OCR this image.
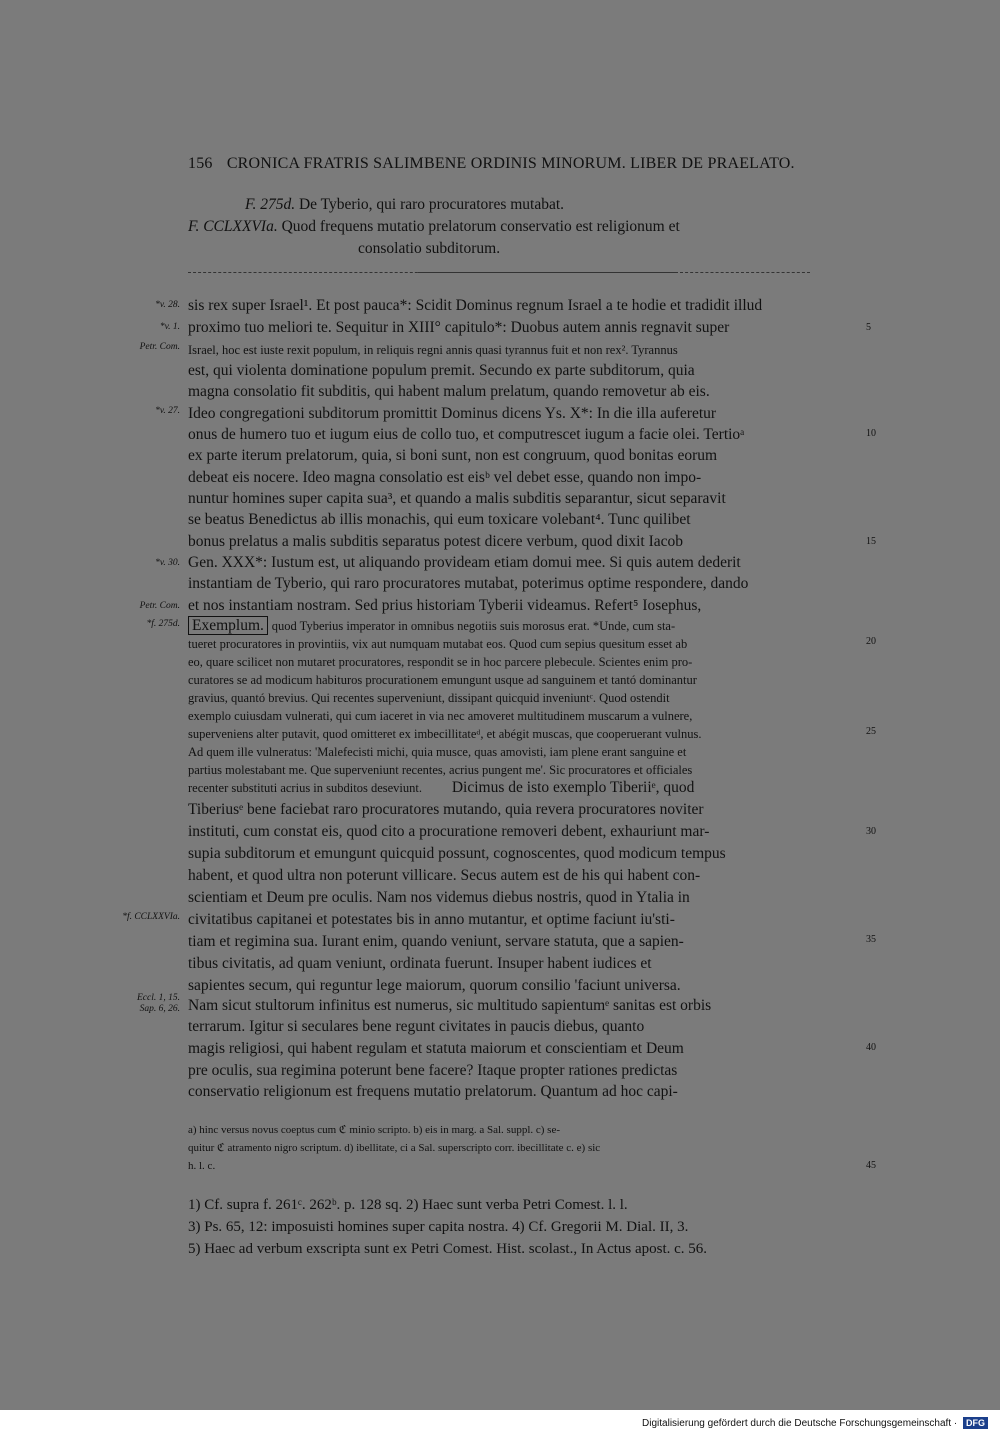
156 CRONICA FRATRIS SALIMBENE ORDINIS MINORUM. LIBER DE PRAELATO.
F. 275d. De Tyberio, qui raro procuratores mutabat.
F. CCLXXVIa. Quod frequens mutatio prelatorum conservatio est religionum et
consolatio subditorum.
*v. 28.
*v. 1.
Petr. Com.
*v. 27.
*v. 30.
Petr. Com.
*f. 275d.
*f. CCLXXVIa.
Eccl. 1, 15.
Sap. 6, 26.
5
10
15
20
25
30
35
40
45
sis rex super Israel¹. Et post pauca*: Scidit Dominus regnum Israel a te hodie et tradidit illud
proximo tuo meliori te. Sequitur in XIII° capitulo*: Duobus autem annis regnavit super
Israel, hoc est iuste rexit populum, in reliquis regni annis quasi tyrannus fuit et non rex². Tyrannus
est, qui violenta dominatione populum premit. Secundo ex parte subditorum, quia
magna consolatio fit subditis, qui habent malum prelatum, quando removetur ab eis.
Ideo congregationi subditorum promittit Dominus dicens Ys. X*: In die illa auferetur
onus de humero tuo et iugum eius de collo tuo, et computrescet iugum a facie olei. Tertioᵃ
ex parte iterum prelatorum, quia, si boni sunt, non est congruum, quod bonitas eorum
debeat eis nocere. Ideo magna consolatio est eisᵇ vel debet esse, quando non impo-
nuntur homines super capita sua³, et quando a malis subditis separantur, sicut separavit
se beatus Benedictus ab illis monachis, qui eum toxicare volebant⁴. Tunc quilibet
bonus prelatus a malis subditis separatus potest dicere verbum, quod dixit Iacob
Gen. XXX*: Iustum est, ut aliquando provideam etiam domui mee. Si quis autem dederit
instantiam de Tyberio, qui raro procuratores mutabat, poterimus optime respondere, dando
et nos instantiam nostram. Sed prius historiam Tyberii videamus. Refert⁵ Iosephus,
Exemplum. quod Tyberius imperator in omnibus negotiis suis morosus erat. *Unde, cum sta-
tueret procuratores in provintiis, vix aut numquam mutabat eos. Quod cum sepius quesitum esset ab
eo, quare scilicet non mutaret procuratores, respondit se in hoc parcere plebecule. Scientes enim pro-
curatores se ad modicum habituros procurationem emungunt usque ad sanguinem et tantó dominantur
gravius, quantó brevius. Qui recentes superveniunt, dissipant quicquid inveniuntᶜ. Quod ostendit
exemplo cuiusdam vulnerati, qui cum iaceret in via nec amoveret multitudinem muscarum a vulnere,
superveniens alter putavit, quod omitteret ex imbecillitateᵈ, et abégit muscas, que cooperuerant vulnus.
Ad quem ille vulneratus: 'Malefecisti michi, quia musce, quas amovisti, iam plene erant sanguine et
partius molestabant me. Que superveniunt recentes, acrius pungent me'. Sic procuratores et officiales
recenter substituti acrius in subditos deseviunt. Dicimus de isto exemplo Tiberiiᵉ, quod
Tiberiusᵉ bene faciebat raro procuratores mutando, quia revera procuratores noviter
instituti, cum constat eis, quod cito a procuratione removeri debent, exhauriunt mar-
supia subditorum et emungunt quicquid possunt, cognoscentes, quod modicum tempus
habent, et quod ultra non poterunt villicare. Secus autem est de his qui habent con-
scientiam et Deum pre oculis. Nam nos videmus diebus nostris, quod in Ytalia in
civitatibus capitanei et potestates bis in anno mutantur, et optime faciunt iu'sti-
tiam et regimina sua. Iurant enim, quando veniunt, servare statuta, que a sapien-
tibus civitatis, ad quam veniunt, ordinata fuerunt. Insuper habent iudices et
sapientes secum, qui reguntur lege maiorum, quorum consilio 'faciunt universa.
Nam sicut stultorum infinitus est numerus, sic multitudo sapientumᵉ sanitas est orbis
terrarum. Igitur si seculares bene regunt civitates in paucis diebus, quanto
magis religiosi, qui habent regulam et statuta maiorum et conscientiam et Deum
pre oculis, sua regimina poterunt bene facere? Itaque propter rationes predictas
conservatio religionum est frequens mutatio prelatorum. Quantum ad hoc capi-
a) hinc versus novus coeptus cum ℭ minio scripto. b) eis in marg. a Sal. suppl. c) se-
quitur ℭ atramento nigro scriptum. d) ibellitate, ci a Sal. superscripto corr. ibecillitate c. e) sic
h. l. c.
1) Cf. supra f. 261ᶜ. 262ᵇ. p. 128 sq. 2) Haec sunt verba Petri Comest. l. l.
3) Ps. 65, 12: imposuisti homines super capita nostra. 4) Cf. Gregorii M. Dial. II, 3.
5) Haec ad verbum exscripta sunt ex Petri Comest. Hist. scolast., In Actus apost. c. 56.
Digitalisierung gefördert durch die Deutsche Forschungsgemeinschaft · DFG
